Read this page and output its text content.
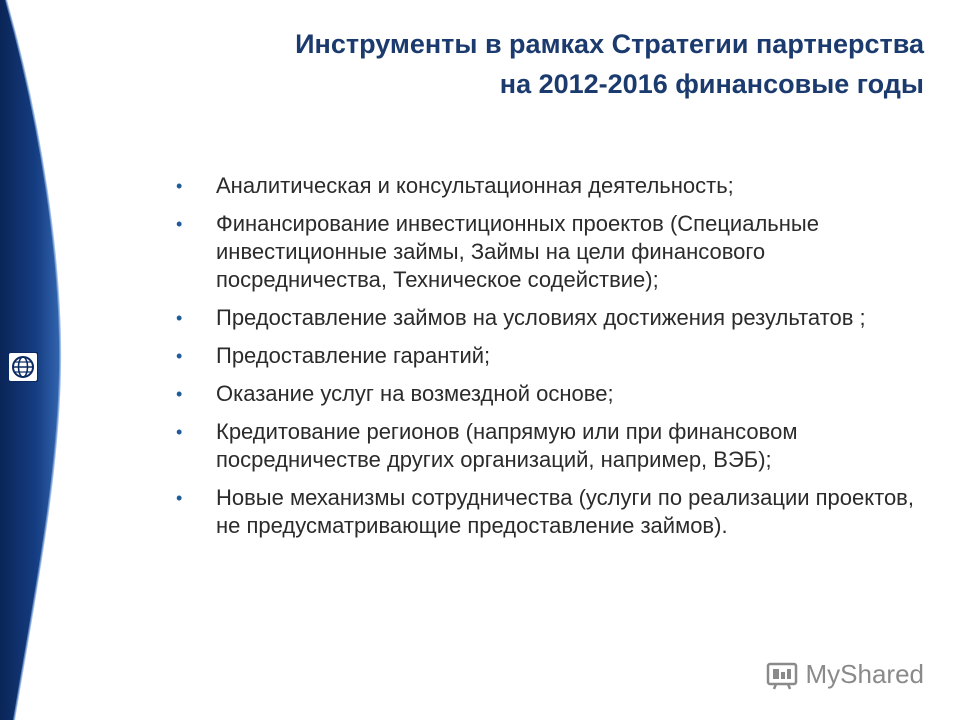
Инструменты в рамках Стратегии партнерства
на 2012-2016 финансовые годы
• Аналитическая и консультационная деятельность;
• Финансирование инвестиционных проектов (Специальные инвестиционные займы, Займы на цели финансового посредничества, Техническое содействие);
• Предоставление займов на условиях достижения результатов ;
• Предоставление гарантий;
• Оказание услуг на возмездной основе;
• Кредитование регионов (напрямую или при финансовом посредничестве других организаций, например, ВЭБ);
• Новые механизмы сотрудничества (услуги по реализации проектов, не предусматривающие предоставление займов).
MyShared
